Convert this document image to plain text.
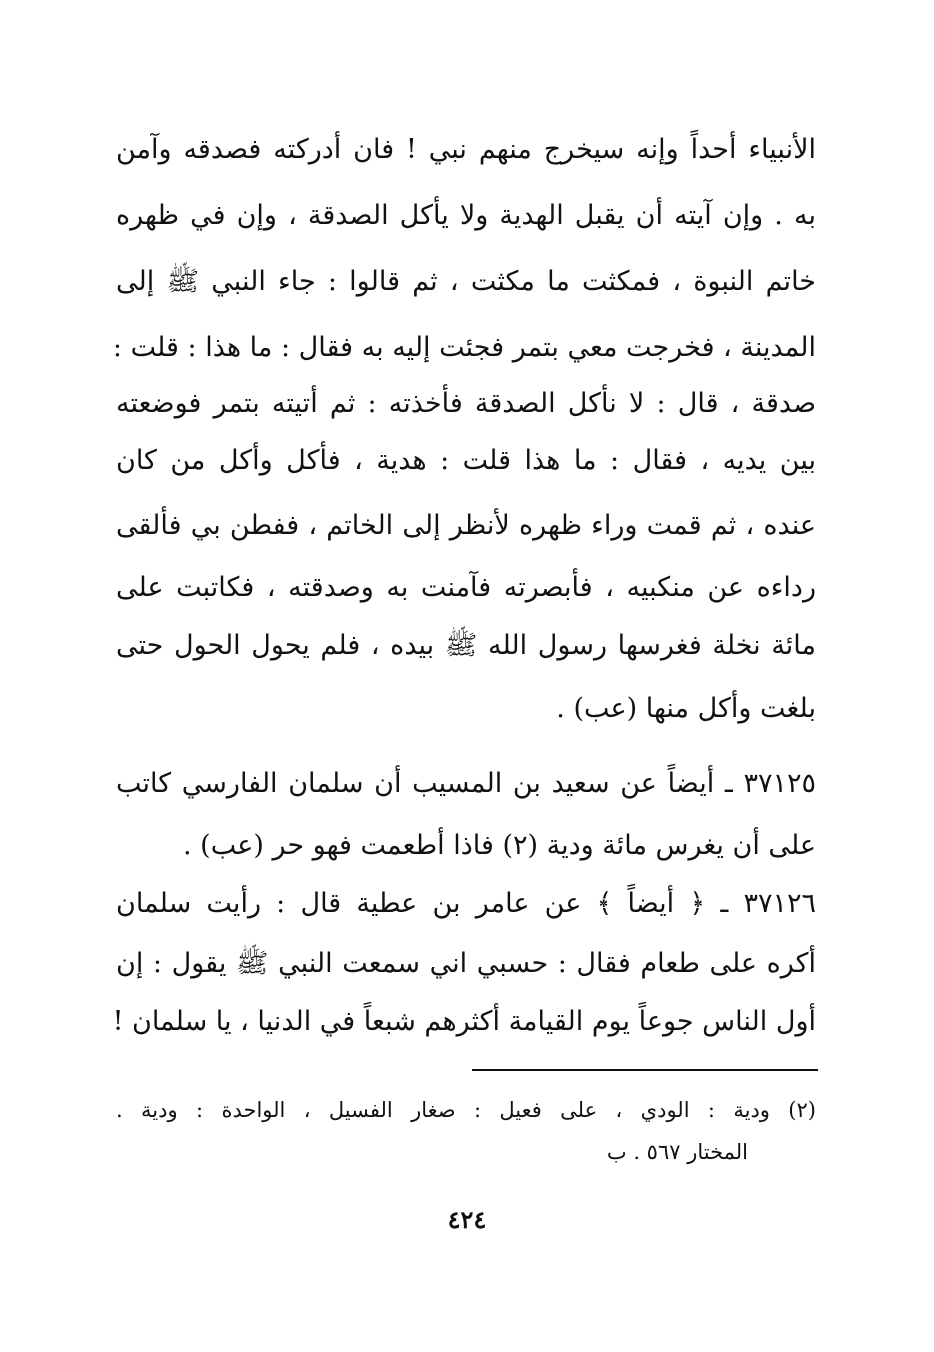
الأنبياء أحداً وإنه سيخرج منهم نبي ! فان أدركته فصدقه وآمن
به . وإن آيته أن يقبل الهدية ولا يأكل الصدقة ، وإن في ظهره
خاتم النبوة ، فمكثت ما مكثت ، ثم قالوا : جاء النبي ﷺ إلى
المدينة ، فخرجت معي بتمر فجئت إليه به فقال : ما هذا : قلت :
صدقة ، قال : لا نأكل الصدقة فأخذته : ثم أتيته بتمر فوضعته
بين يديه ، فقال : ما هذا قلت : هدية ، فأكل وأكل من كان
عنده ، ثم قمت وراء ظهره لأنظر إلى الخاتم ، ففطن بي فألقى
رداءه عن منكبيه ، فأبصرته فآمنت به وصدقته ، فكاتبت على
مائة نخلة فغرسها رسول الله ﷺ بيده ، فلم يحول الحول حتى
بلغت وأكل منها (عب) .
٣٧١٢٥ ـ أيضاً عن سعيد بن المسيب أن سلمان الفارسي كاتب
على أن يغرس مائة ودية (٢) فاذا أطعمت فهو حر (عب) .
٣٧١٢٦ ـ ﴿ أيضاً ﴾ عن عامر بن عطية قال : رأيت سلمان
أكره على طعام فقال : حسبي اني سمعت النبي ﷺ يقول : إن
أول الناس جوعاً يوم القيامة أكثرهم شبعاً في الدنيا ، يا سلمان !
(٢) ودية : الودي ، على فعيل : صغار الفسيل ، الواحدة : ودية .
المختار ٥٦٧ . ب
٤٢٤
